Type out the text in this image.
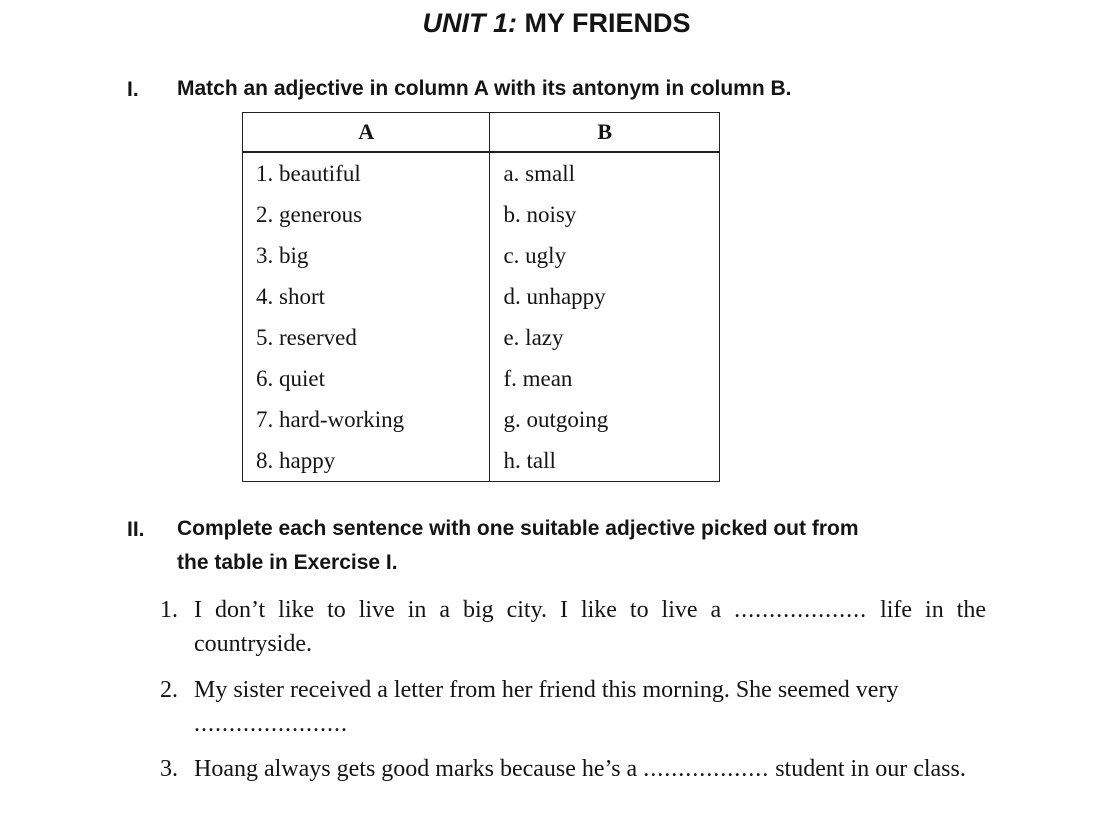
UNIT 1: MY FRIENDS
I. Match an adjective in column A with its antonym in column B.
A	B
1. beautiful	a. small
2. generous	b. noisy
3. big	c. ugly
4. short	d. unhappy
5. reserved	e. lazy
6. quiet	f. mean
7. hard-working	g. outgoing
8. happy	h. tall
II. Complete each sentence with one suitable adjective picked out from
the table in Exercise I.
1. I don’t like to live in a big city. I like to live a ................... life in the countryside.
2. My sister received a letter from her friend this morning. She seemed very
......................
3. Hoang always gets good marks because he’s a .................. student in our class.
